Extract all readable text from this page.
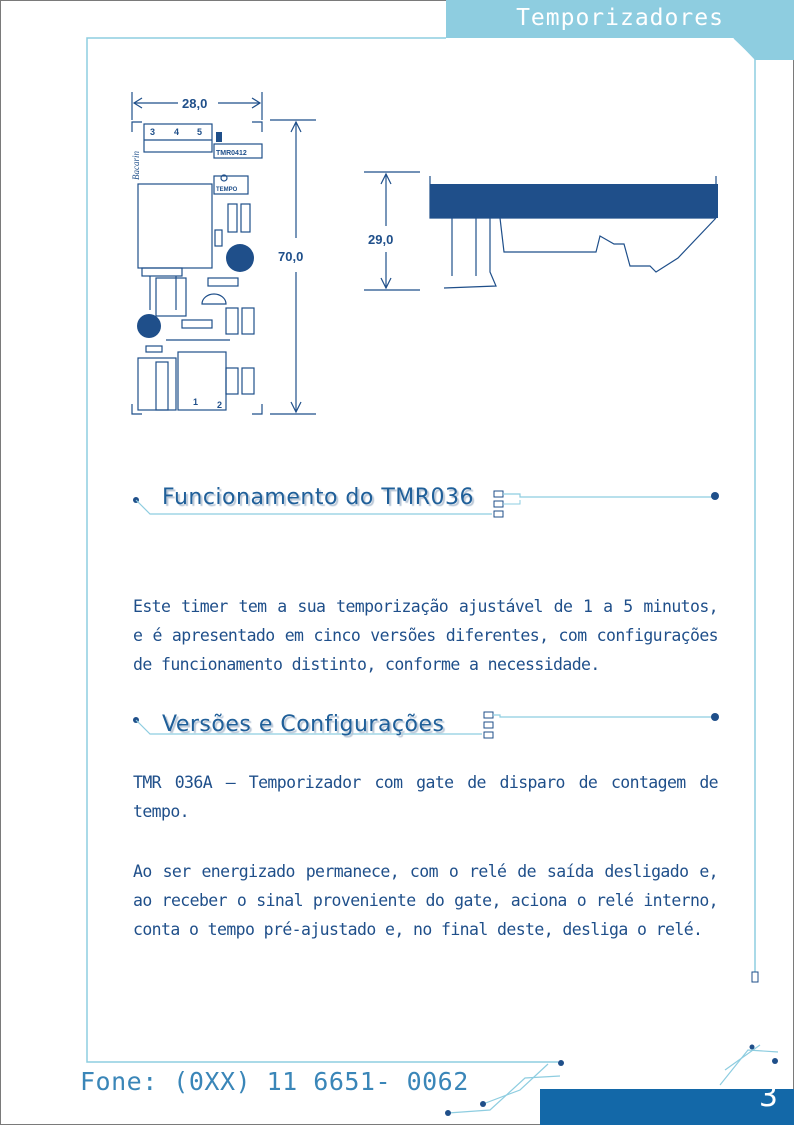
Temporizadores
28,0
70,0
TMR0412
TEMPO
Bacarin
3 4 5
1 2
29,0
Funcionamento do TMR036

Este timer tem a sua temporização ajustável de 1 a 5 minutos, e é apresentado em cinco versões diferentes, com configurações de funcionamento distinto, conforme a necessidade.

Versões e Configurações

TMR 036A – Temporizador com gate de disparo de contagem de tempo.

Ao ser energizado permanece, com o relé de saída desligado e, ao receber o sinal proveniente do gate, aciona o relé interno, conta o tempo pré-ajustado e, no final deste, desliga o relé.

Fone: (0XX) 11 6651- 0062	3
